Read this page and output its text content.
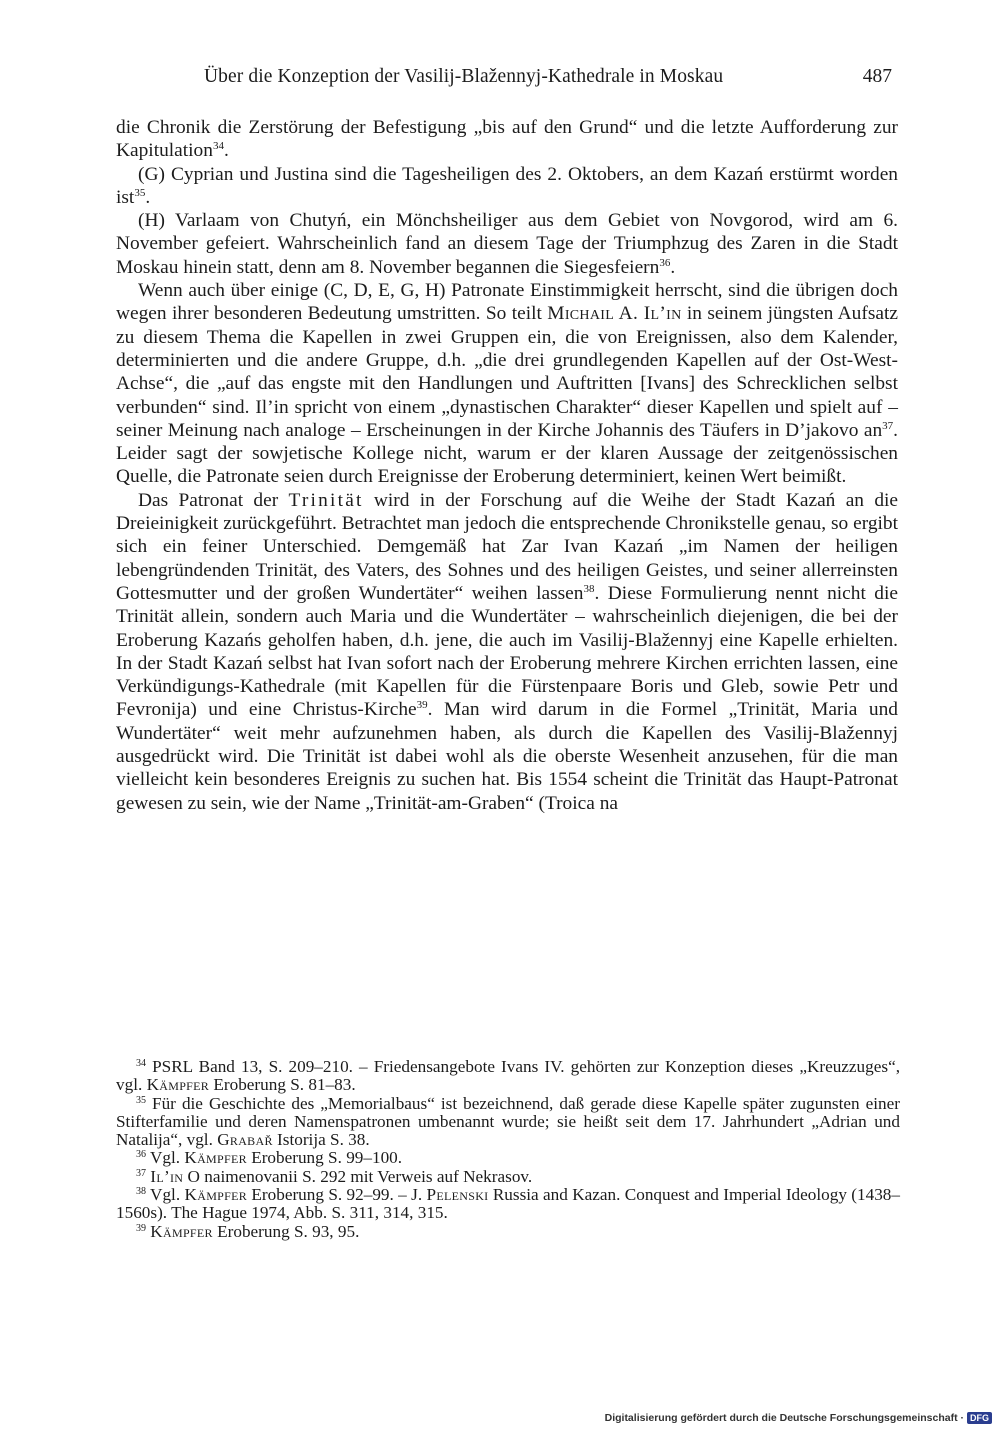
Über die Konzeption der Vasilij-Blažennyj-Kathedrale in Moskau	487

die Chronik die Zerstörung der Befestigung „bis auf den Grund“ und die letzte Aufforderung zur Kapitulation$^{34}$.

(G) Cyprian und Justina sind die Tagesheiligen des 2. Oktobers, an dem Kazań erstürmt worden ist$^{35}$.

(H) Varlaam von Chutyń, ein Mönchsheiliger aus dem Gebiet von Novgorod, wird am 6. November gefeiert. Wahrscheinlich fand an diesem Tage der Triumphzug des Zaren in die Stadt Moskau hinein statt, denn am 8. November begannen die Siegesfeiern$^{36}$.

Wenn auch über einige (C, D, E, G, H) Patronate Einstimmigkeit herrscht, sind die übrigen doch wegen ihrer besonderen Bedeutung umstritten. So teilt Michail A. Il’in in seinem jüngsten Aufsatz zu diesem Thema die Kapellen in zwei Gruppen ein, die von Ereignissen, also dem Kalender, determinierten und die andere Gruppe, d.h. „die drei grundlegenden Kapellen auf der Ost-West-Achse“, die „auf das engste mit den Handlungen und Auftritten [Ivans] des Schrecklichen selbst verbunden“ sind. Il’in spricht von einem „dynastischen Charakter“ dieser Kapellen und spielt auf – seiner Meinung nach analoge – Erscheinungen in der Kirche Johannis des Täufers in D’jakovo $an^{37}$. Leider sagt der sowjetische Kollege nicht, warum er der klaren Aussage der zeitgenössischen Quelle, die Patronate seien durch Ereignisse der Eroberung determiniert, keinen Wert beimißt.

Das Patronat der Trinität wird in der Forschung auf die Weihe der Stadt Kazań an die Dreieinigkeit zurückgeführt. Betrachtet man jedoch die entsprechende Chronikstelle genau, so ergibt sich ein feiner Unterschied. Demgemäß hat Zar Ivan Kazań „im Namen der heiligen lebengründenden Trinität, des Vaters, des Sohnes und des heiligen Geistes, und seiner allerreinsten Gottesmutter und der großen Wundertäter“ weihen lassen$^{38}$. Diese Formulierung nennt nicht die Trinität allein, sondern auch Maria und die Wundertäter – wahrscheinlich diejenigen, die bei der Eroberung Kazańs geholfen haben, d.h. jene, die auch im Vasilij-Blažennyj eine Kapelle erhielten. In der Stadt Kazań selbst hat Ivan sofort nach der Eroberung mehrere Kirchen errichten lassen, eine Verkündigungs-Kathedrale (mit Kapellen für die Fürstenpaare Boris und Gleb, sowie Petr und Fevronija) und eine Christus-Kirche$^{39}$. Man wird darum in die Formel „Trinität, Maria und Wundertäter“ weit mehr aufzunehmen haben, als durch die Kapellen des Vasilij-Blažennyj ausgedrückt wird. Die Trinität ist dabei wohl als die oberste Wesenheit anzusehen, für die man vielleicht kein besonderes Ereignis zu suchen hat. Bis 1554 scheint die Trinität das Haupt-Patronat gewesen zu sein, wie der Name „Trinität-am-Graben“ (Troica na

$^{34}$ PSRL Band 13, S. 209–210. – Friedensangebote Ivans IV. gehörten zur Konzeption dieses „Kreuzzuges“, vgl. Kämpfer Eroberung S. 81–83.

$^{35}$ Für die Geschichte des „Memorialbaus“ ist bezeichnend, daß gerade diese Kapelle später zugunsten einer Stifterfamilie und deren Namenspatronen umbenannt wurde; sie heißt seit dem 17. Jahrhundert „Adrian und Natalija“, vgl. Grabař Istorija S. 38.

$^{36}$ Vgl. Kämpfer Eroberung S. 99–100.

$^{37}$ Il’in O naimenovanii S. 292 mit Verweis auf Nekrasov.

$^{38}$ Vgl. Kämpfer Eroberung S. 92–99. – J. Pelenski Russia and Kazan. Conquest and Imperial Ideology (1438–1560s). The Hague 1974, Abb. S. 311, 314, 315.

$^{39}$ Kämpfer Eroberung S. 93, 95.

Digitalisierung gefördert durch die Deutsche Forschungsgemeinschaft · DFG
